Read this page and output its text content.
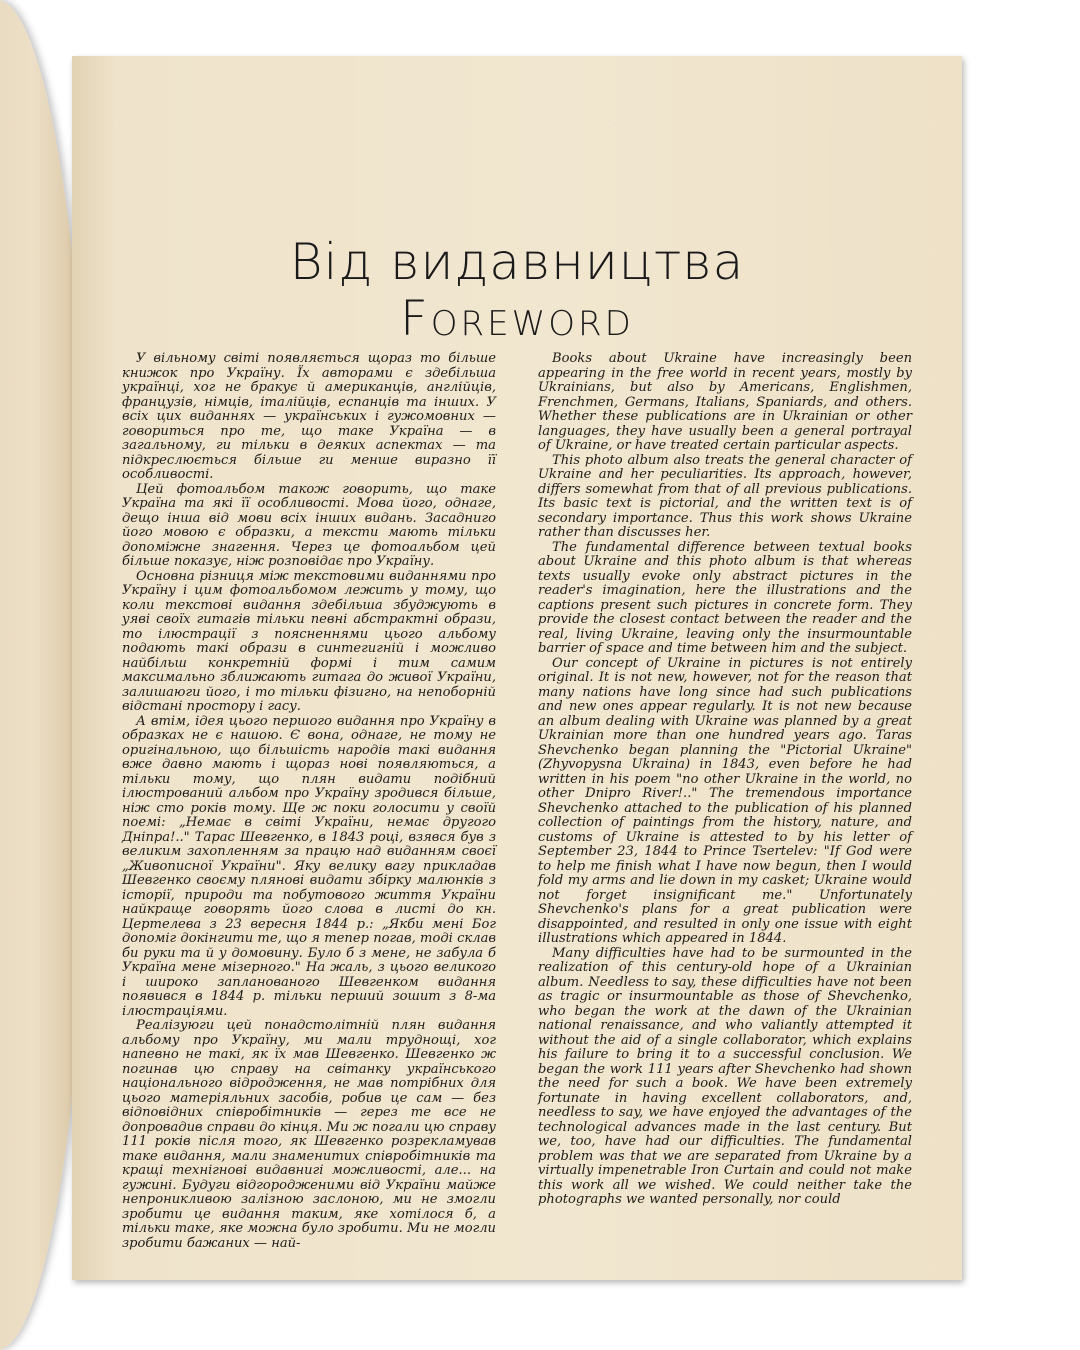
Від видавництва
Foreword

У вільному світі появляється щораз то більше книжок про Україну. Їх авторами є здебільша українці, хог не бракує й американців, англійців, французів, німців, італійців, еспанців та інших. У всіх цих виданнях — українських і гужомовних — говориться про те, що таке Україна — в загальному, ги тільки в деяких аспектах — та підкреслюється більше ги менше виразно її особливості.

Цей фотоальбом також говорить, що таке Україна та які її особливості. Мова його, однаге, дещо інша від мови всіх інших видань. Засадниго його мовою є образки, а тексти мають тільки допоміжне знагення. Через це фотоальбом цей більше показує, ніж розповідає про Україну.

Основна різниця між текстовими виданнями про Україну і цим фотоальбомом лежить у тому, що коли текстові видання здебільша збуджують в уяві своїх гитагів тільки певні абстрактні образи, то ілюстрації з поясненнями цього альбому подають такі образи в синтегигній і можливо найбільш конкретній формі і тим самим максимально зближають гитага до живої України, залишаюги його, і то тільки фізигно, на непоборній відстані простору і гасу.

А втім, ідея цього першого видання про Україну в образках не є нашою. Є вона, однаге, не тому не оригінальною, що більшість народів такі видання вже давно мають і щораз нові появляються, а тільки тому, що плян видати подібний ілюстрований альбом про Україну зродився більше, ніж сто років тому. Ще ж поки голосити у своїй поемі: „Немає в світі України, немає другого Дніпра!.." Тарас Шевгенко, в 1843 році, взявся був з великим захопленням за працю над виданням своєї „Живописної України". Яку велику вагу прикладав Шевгенко своєму пляновi видати збірку малюнків з історії, природи та побутового життя України найкраще говорять його слова в листі до кн. Цертелева з 23 вересня 1844 р.: „Якби мені Бог допоміг докінгити те, що я тепер погав, тоді склав би руки та й у домовину. Було б з мене, не забула б Україна мене мізерного." На жаль, з цього великого і широко запланованого Шевгенком видання появився в 1844 р. тільки перший зошит з 8-ма ілюстраціями.

Реалізуюги цей понадстолітній плян видання альбому про Україну, ми мали труднощі, хог напевно не такі, як їх мав Шевгенко. Шевгенко ж погинав цю справу на світанку українського національного відродження, не мав потрібних для цього матеріяльних засобів, робив це сам — без відповідних співробітників — герез те все не допровадив справи до кінця. Ми ж погали цю справу 111 років після того, як Шевгенко розрекламував таке видання, мали знаменитих співробітників та кращі технігнові видавнигі можливості, але... на гужині. Будуги відгородженими від України майже непроникливою залізною заслоною, ми не змогли зробити це видання таким, яке хотілося б, а тільки таке, яке можна було зробити. Ми не могли зробити бажаних — най-

Books about Ukraine have increasingly been appearing in the free world in recent years, mostly by Ukrainians, but also by Americans, Englishmen, Frenchmen, Germans, Italians, Spaniards, and others. Whether these publications are in Ukrainian or other languages, they have usually been a general portrayal of Ukraine, or have treated certain particular aspects.

This photo album also treats the general character of Ukraine and her peculiarities. Its approach, however, differs somewhat from that of all previous publications. Its basic text is pictorial, and the written text is of secondary importance. Thus this work shows Ukraine rather than discusses her.

The fundamental difference between textual books about Ukraine and this photo album is that whereas texts usually evoke only abstract pictures in the reader's imagination, here the illustrations and the captions present such pictures in concrete form. They provide the closest contact between the reader and the real, living Ukraine, leaving only the insurmountable barrier of space and time between him and the subject.

Our concept of Ukraine in pictures is not entirely original. It is not new, however, not for the reason that many nations have long since had such publications and new ones appear regularly. It is not new because an album dealing with Ukraine was planned by a great Ukrainian more than one hundred years ago. Taras Shevchenko began planning the "Pictorial Ukraine" (Zhyvopysna Ukraina) in 1843, even before he had written in his poem "no other Ukraine in the world, no other Dnipro River!.." The tremendous importance Shevchenko attached to the publication of his planned collection of paintings from the history, nature, and customs of Ukraine is attested to by his letter of September 23, 1844 to Prince Tsertelev: "If God were to help me finish what I have now begun, then I would fold my arms and lie down in my casket; Ukraine would not forget insignificant me." Unfortunately Shevchenko's plans for a great publication were disappointed, and resulted in only one issue with eight illustrations which appeared in 1844.

Many difficulties have had to be surmounted in the realization of this century-old hope of a Ukrainian album. Needless to say, these difficulties have not been as tragic or insurmountable as those of Shevchenko, who began the work at the dawn of the Ukrainian national renaissance, and who valiantly attempted it without the aid of a single collaborator, which explains his failure to bring it to a successful conclusion. We began the work 111 years after Shevchenko had shown the need for such a book. We have been extremely fortunate in having excellent collaborators, and, needless to say, we have enjoyed the advantages of the technological advances made in the last century. But we, too, have had our difficulties. The fundamental problem was that we are separated from Ukraine by a virtually impenetrable Iron Curtain and could not make this work all we wished. We could neither take the photographs we wanted personally, nor could
